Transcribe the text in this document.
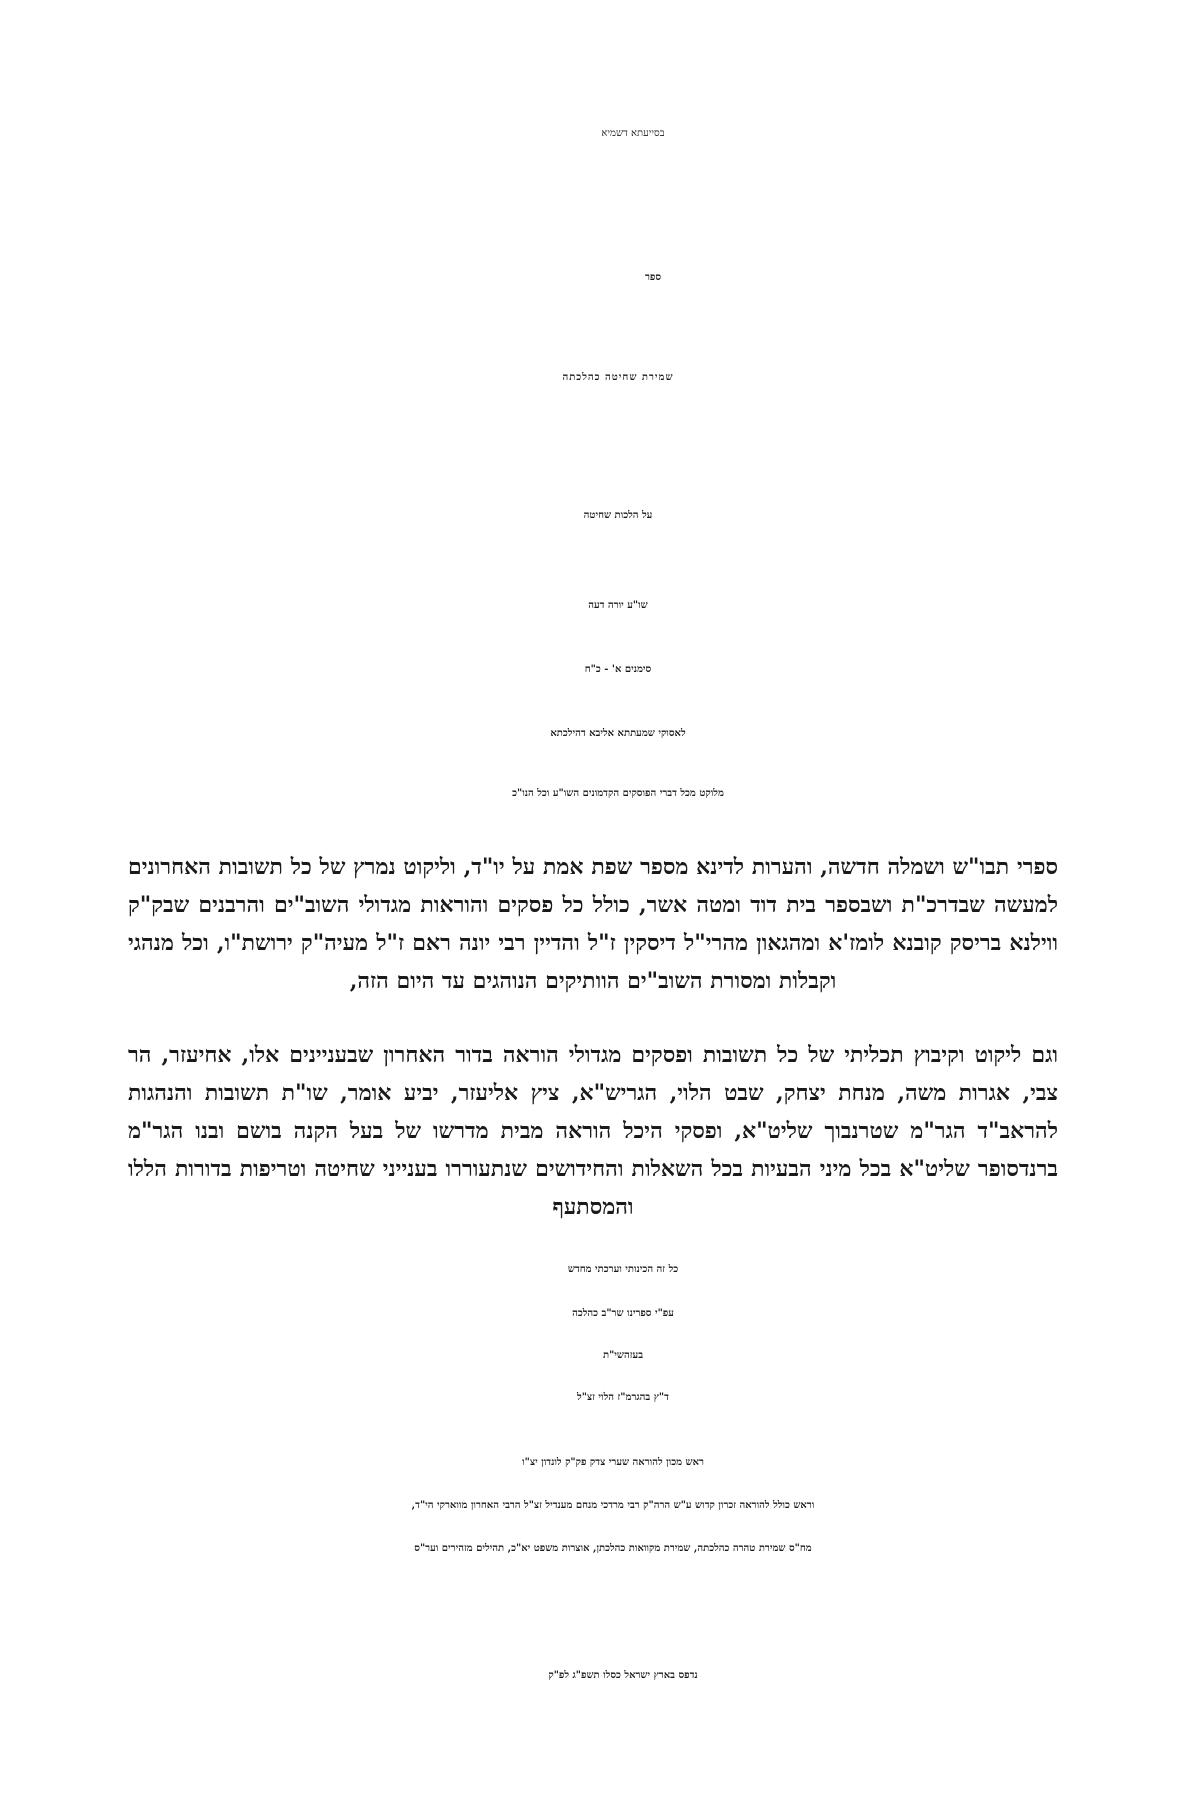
בסייעתא דשמיא
ספר
שמירת שחיטה כהלכתה
על הלכות שחיטה
שו"ע יורה דעה
סימנים א' - כ"ח
לאסוקי שמעתתא אליבא דהילכתא
מלוקט מכל דברי הפוסקים הקדמונים השו"ע וכל הנו"כ
ספרי תבו"ש ושמלה חדשה, והערות לדינא מספר שפת אמת על יו"ד, וליקוט נמרץ של כל תשובות האחרונים למעשה שבדרכ"ת ושבספר בית דוד ומטה אשר, כולל כל פסקים והוראות מגדולי השוב"ים והרבנים שבק"ק ווילנא בריסק קובנא לומז'א ומהגאון מהרי"ל דיסקין ז"ל והדיין רבי יונה ראם ז"ל מעיה"ק ירושת"ו, וכל מנהגי וקבלות ומסורת השוב"ים הוותיקים הנוהגים עד היום הזה,
וגם ליקוט וקיבוץ תכליתי של כל תשובות ופסקים מגדולי הוראה בדור האחרון שבעניינים אלו, אחיעזר, הר צבי, אגרות משה, מנחת יצחק, שבט הלוי, הגריש"א, ציץ אליעזר, יביע אומר, שו"ת תשובות והנהגות להראב"ד הגר"מ שטרנבוך שליט"א, ופסקי היכל הוראה מבית מדרשו של בעל הקנה בושם ובנו הגר"מ ברנדסופר שליט"א בכל מיני הבעיות בכל השאלות והחידושים שנתעוררו בענייני שחיטה וטריפות בדורות הללו והמסתעף
כל זה הכינותי וערכתי מחדש
עפ"י ספרינו שר"ב כהלכה
בעזהשי"ת
ד"ץ בהגרמ"ז הלוי זצ"ל
ראש מכון להוראה שערי צדק פק"ק לונדון יצ"ו
וראש כולל להוראה זכרון קדוש ע"ש הרה"ק רבי מרדכי מנחם מענדיל זצ"ל הרבי האחרון מווארקי הי"ד,
מח"ס שמירת טהרה כהלכתה, שמירת מקוואות כהלכתן, אוצרות משפט יא"כ, תהילים מזהירים וער"ס
נדפס בארץ ישראל כסלו תשפ"ג לפ"ק
